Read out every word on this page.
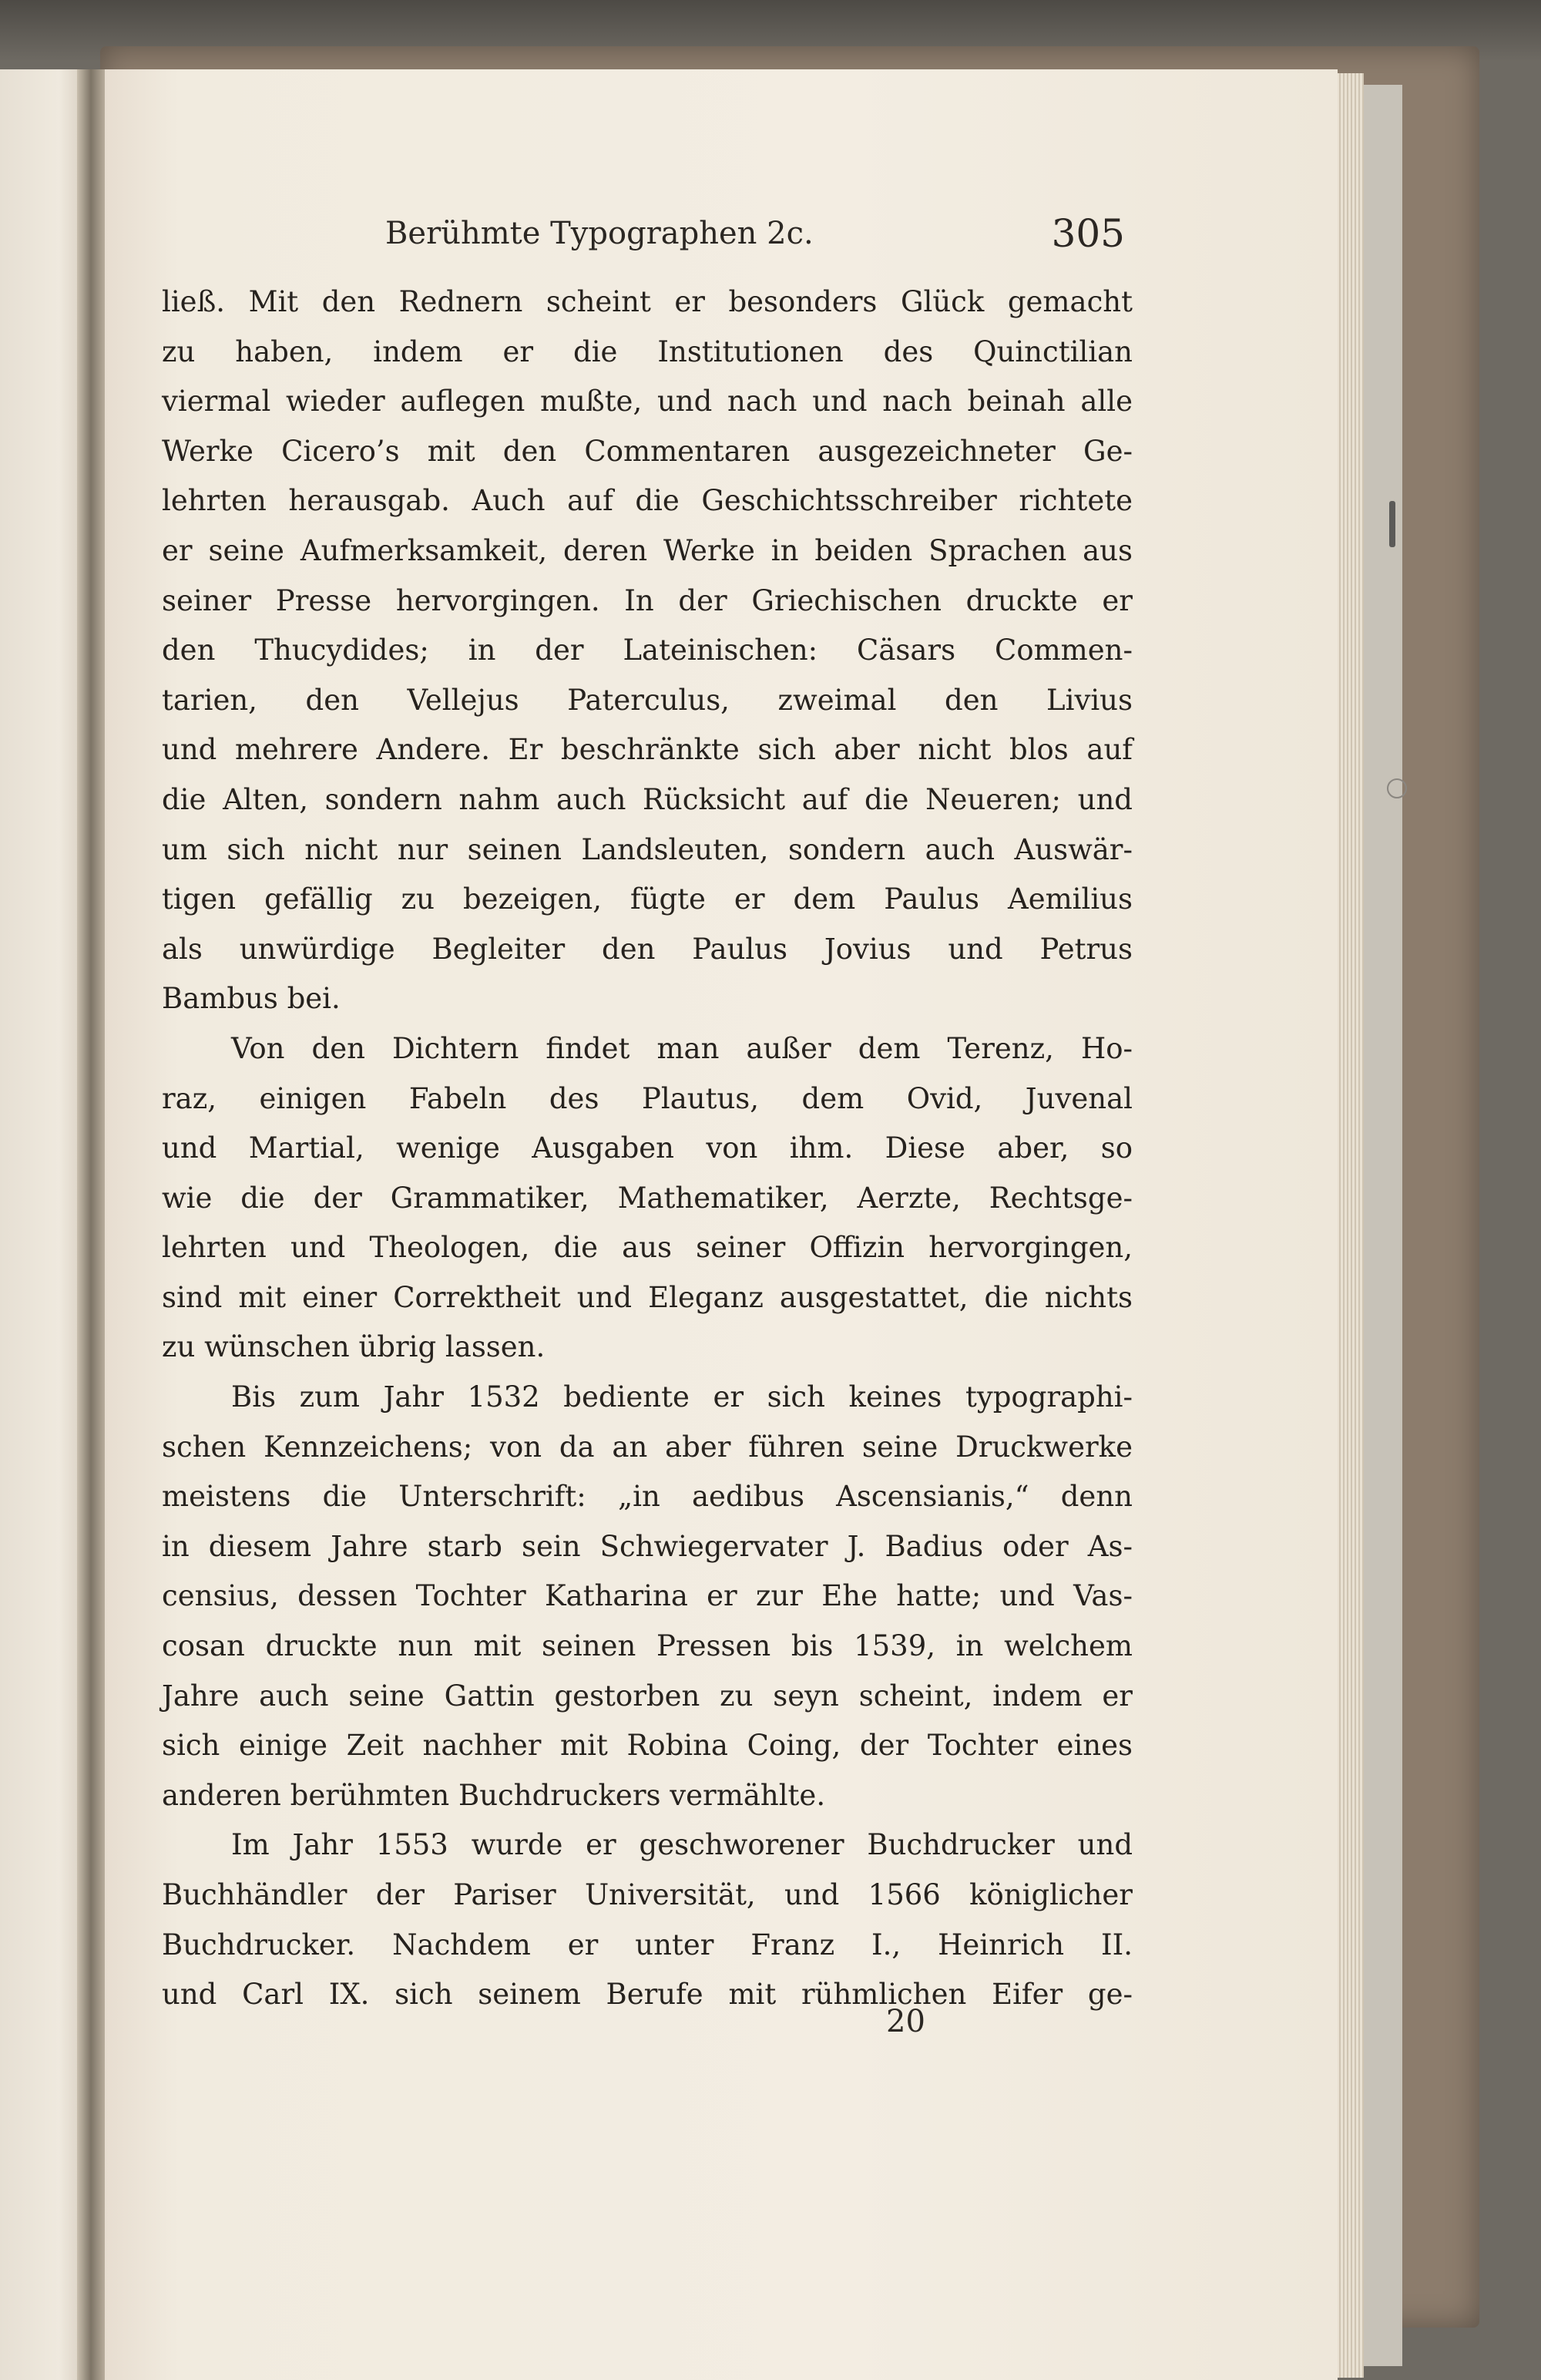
Berühmte Typographen 2c.	305

ließ. Mit den Rednern scheint er besonders Glück gemacht
zu haben, indem er die Institutionen des Quinctilian
viermal wieder auflegen mußte, und nach und nach beinah alle
Werke Cicero’s mit den Commentaren ausgezeichneter Ge-
lehrten herausgab. Auch auf die Geschichtsschreiber richtete
er seine Aufmerksamkeit, deren Werke in beiden Sprachen aus
seiner Presse hervorgingen. In der Griechischen druckte er
den Thucydides; in der Lateinischen: Cäsars Commen-
tarien, den Vellejus Paterculus, zweimal den Livius
und mehrere Andere. Er beschränkte sich aber nicht blos auf
die Alten, sondern nahm auch Rücksicht auf die Neueren; und
um sich nicht nur seinen Landsleuten, sondern auch Auswär-
tigen gefällig zu bezeigen, fügte er dem Paulus Aemilius
als unwürdige Begleiter den Paulus Jovius und Petrus
Bambus bei.

Von den Dichtern findet man außer dem Terenz, Ho-
raz, einigen Fabeln des Plautus, dem Ovid, Juvenal
und Martial, wenige Ausgaben von ihm. Diese aber, so
wie die der Grammatiker, Mathematiker, Aerzte, Rechtsge-
lehrten und Theologen, die aus seiner Offizin hervorgingen,
sind mit einer Correktheit und Eleganz ausgestattet, die nichts
zu wünschen übrig lassen.

Bis zum Jahr 1532 bediente er sich keines typographi-
schen Kennzeichens; von da an aber führen seine Druckwerke
meistens die Unterschrift: „in aedibus Ascensianis,“ denn
in diesem Jahre starb sein Schwiegervater J. Badius oder As-
censius, dessen Tochter Katharina er zur Ehe hatte; und Vas-
cosan druckte nun mit seinen Pressen bis 1539, in welchem
Jahre auch seine Gattin gestorben zu seyn scheint, indem er
sich einige Zeit nachher mit Robina Coing, der Tochter eines
anderen berühmten Buchdruckers vermählte.

Im Jahr 1553 wurde er geschworener Buchdrucker und
Buchhändler der Pariser Universität, und 1566 königlicher
Buchdrucker. Nachdem er unter Franz I., Heinrich II.
und Carl IX. sich seinem Berufe mit rühmlichen Eifer ge-

20
